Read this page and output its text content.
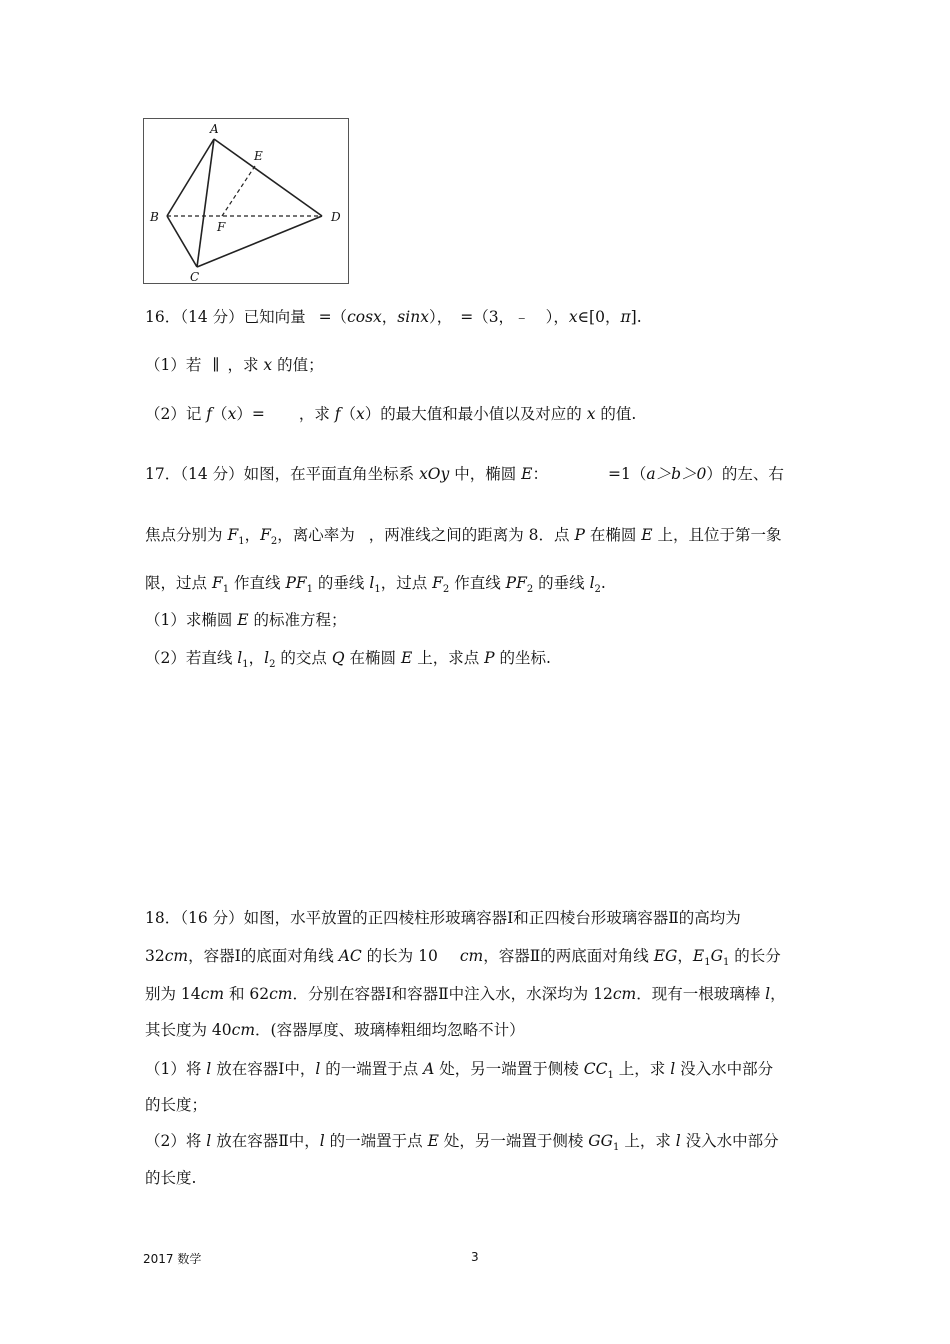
A
B
C
D
E
F
16．（14 分）已知向量 =（cosx，sinx）， =（3，﹣ ），x∈[0，π].
（1）若 ∥ ，求 x 的值；
（2）记 f（x）= ，求 f（x）的最大值和最小值以及对应的 x 的值.
17．（14 分）如图，在平面直角坐标系 xOy 中，椭圆 E：	=1（a＞b＞0）的左、右
焦点分别为 $F_1$，$F_2$，离心率为 ，两准线之间的距离为 8．点 P 在椭圆 E 上，且位于第一象
限，过点 $F_1$ 作直线 $PF_1$ 的垂线 $l_1$，过点 $F_2$ 作直线 $PF_2$ 的垂线 $l_2$.
（1）求椭圆 E 的标准方程；
（2）若直线 $l_1$，$l_2$ 的交点 Q 在椭圆 E 上，求点 P 的坐标.
18．（16 分）如图，水平放置的正四棱柱形玻璃容器Ⅰ和正四棱台形玻璃容器Ⅱ的高均为
32cm，容器Ⅰ的底面对角线 AC 的长为 10 cm，容器Ⅱ的两底面对角线 EG，$E_1G_1$ 的长分
别为 14cm 和 62cm．分别在容器Ⅰ和容器Ⅱ中注入水，水深均为 12cm．现有一根玻璃棒 l，
其长度为 40cm．(容器厚度、玻璃棒粗细均忽略不计）
（1）将 l 放在容器Ⅰ中，l 的一端置于点 A 处，另一端置于侧棱 $CC_1$ 上，求 l 没入水中部分
的长度；
（2）将 l 放在容器Ⅱ中，l 的一端置于点 E 处，另一端置于侧棱 $GG_1$ 上，求 l 没入水中部分
的长度.
2017 数学	3
